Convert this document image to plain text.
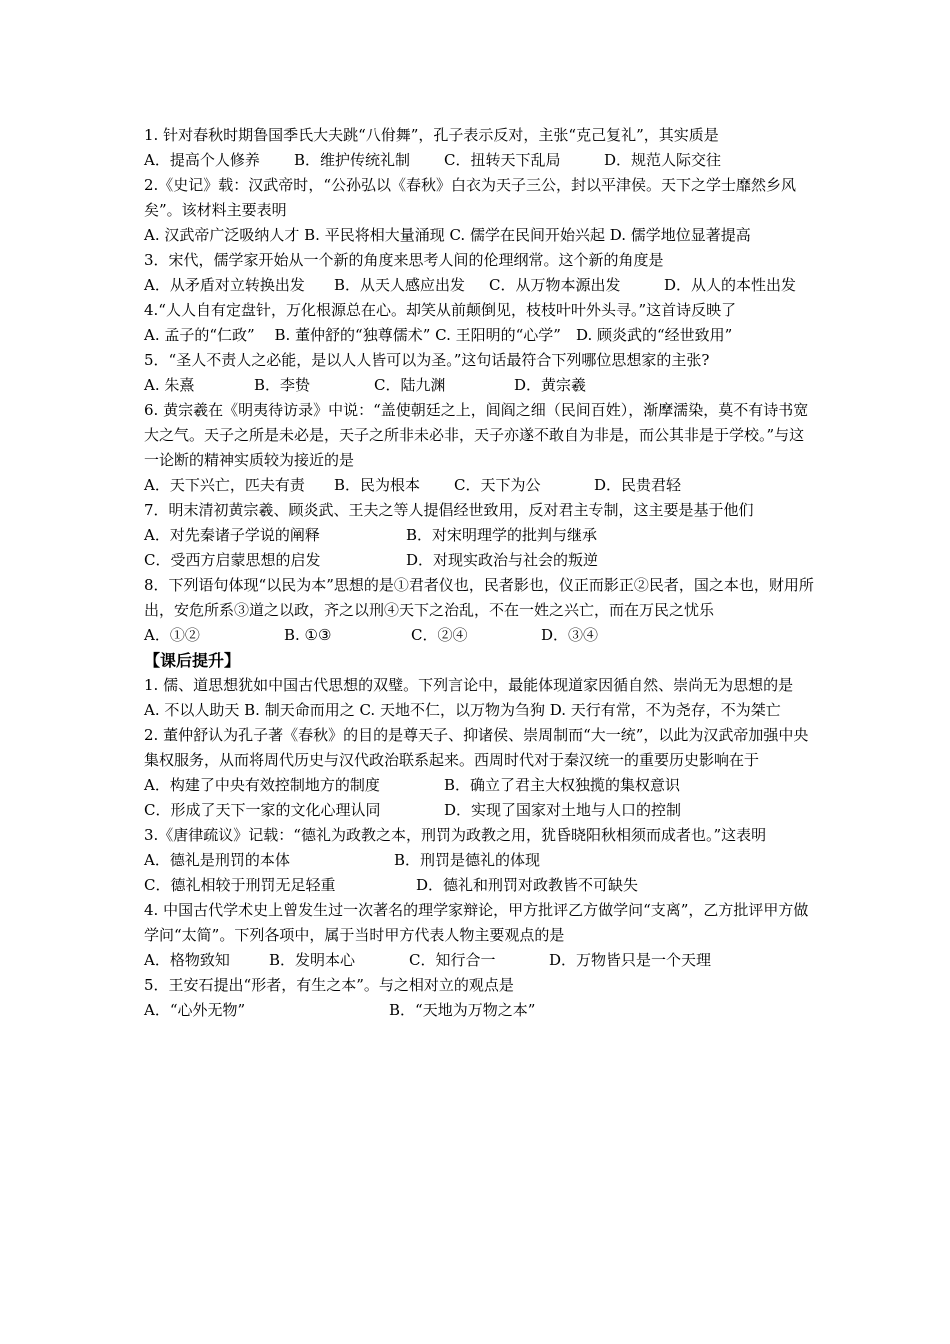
1. 针对春秋时期鲁国季氏大夫跳“八佾舞”，孔子表示反对，主张“克己复礼”，其实质是
A．提高个人修养 B．维护传统礼制 C．扭转天下乱局	D．规范人际交往
2.《史记》载：汉武帝时，“公孙弘以《春秋》白衣为天子三公，封以平津侯。天下之学士靡然乡风矣”。该材料主要表明
A. 汉武帝广泛吸纳人才 B. 平民将相大量涌现 C. 儒学在民间开始兴起 D. 儒学地位显著提高
3．宋代，儒学家开始从一个新的角度来思考人间的伦理纲常。这个新的角度是
A．从矛盾对立转换出发 B．从天人感应出发 C．从万物本源出发	D．从人的本性出发
4.“人人自有定盘针，万化根源总在心。却笑从前颠倒见，枝枝叶叶外头寻。”这首诗反映了
A. 孟子的“仁政”　 B. 董仲舒的“独尊儒术” C. 王阳明的“心学”　D. 顾炎武的“经世致用”
5．“圣人不责人之必能，是以人人皆可以为圣。”这句话最符合下列哪位思想家的主张?
A. 朱熹	B．李贽	C．陆九渊	D．黄宗羲
6. 黄宗羲在《明夷待访录》中说：“盖使朝廷之上，闾阎之细（民间百姓），渐摩濡染，莫不有诗书宽大之气。天子之所是未必是，天子之所非未必非，天子亦遂不敢自为非是，而公其非是于学校。”与这一论断的精神实质较为接近的是
A．天下兴亡，匹夫有责 B．民为根本 C．天下为公	D．民贵君轻
7．明末清初黄宗羲、顾炎武、王夫之等人提倡经世致用，反对君主专制，这主要是基于他们
A．对先秦诸子学说的阐释	B．对宋明理学的批判与继承
C．受西方启蒙思想的启发	D．对现实政治与社会的叛逆
8．下列语句体现“以民为本”思想的是①君者仪也，民者影也，仪正而影正②民者，国之本也，财用所出，安危所系③道之以政，齐之以刑④天下之治乱，不在一姓之兴亡，而在万民之忧乐
A．①②	B. ①③	C．②④	D．③④
【课后提升】
1. 儒、道思想犹如中国古代思想的双璧。下列言论中，最能体现道家因循自然、崇尚无为思想的是
A. 不以人助天 B. 制天命而用之 C. 天地不仁，以万物为刍狗 D. 天行有常，不为尧存，不为桀亡
2. 董仲舒认为孔子著《春秋》的目的是尊天子、抑诸侯、崇周制而“大一统”，以此为汉武帝加强中央集权服务，从而将周代历史与汉代政治联系起来。西周时代对于秦汉统一的重要历史影响在于
A．构建了中央有效控制地方的制度	B．确立了君主大权独揽的集权意识
C．形成了天下一家的文化心理认同	D．实现了国家对土地与人口的控制
3.《唐律疏议》记载：“德礼为政教之本，刑罚为政教之用，犹昏晓阳秋相须而成者也。”这表明
A．德礼是刑罚的本体	B．刑罚是德礼的体现
C．德礼相较于刑罚无足轻重	D．德礼和刑罚对政教皆不可缺失
4. 中国古代学术史上曾发生过一次著名的理学家辩论，甲方批评乙方做学问“支离”，乙方批评甲方做学问“太简”。下列各项中，属于当时甲方代表人物主要观点的是
A．格物致知	B．发明本心	C．知行合一	D．万物皆只是一个天理
5．王安石提出“形者，有生之本”。与之相对立的观点是
A．“心外无物”	B．“天地为万物之本”
